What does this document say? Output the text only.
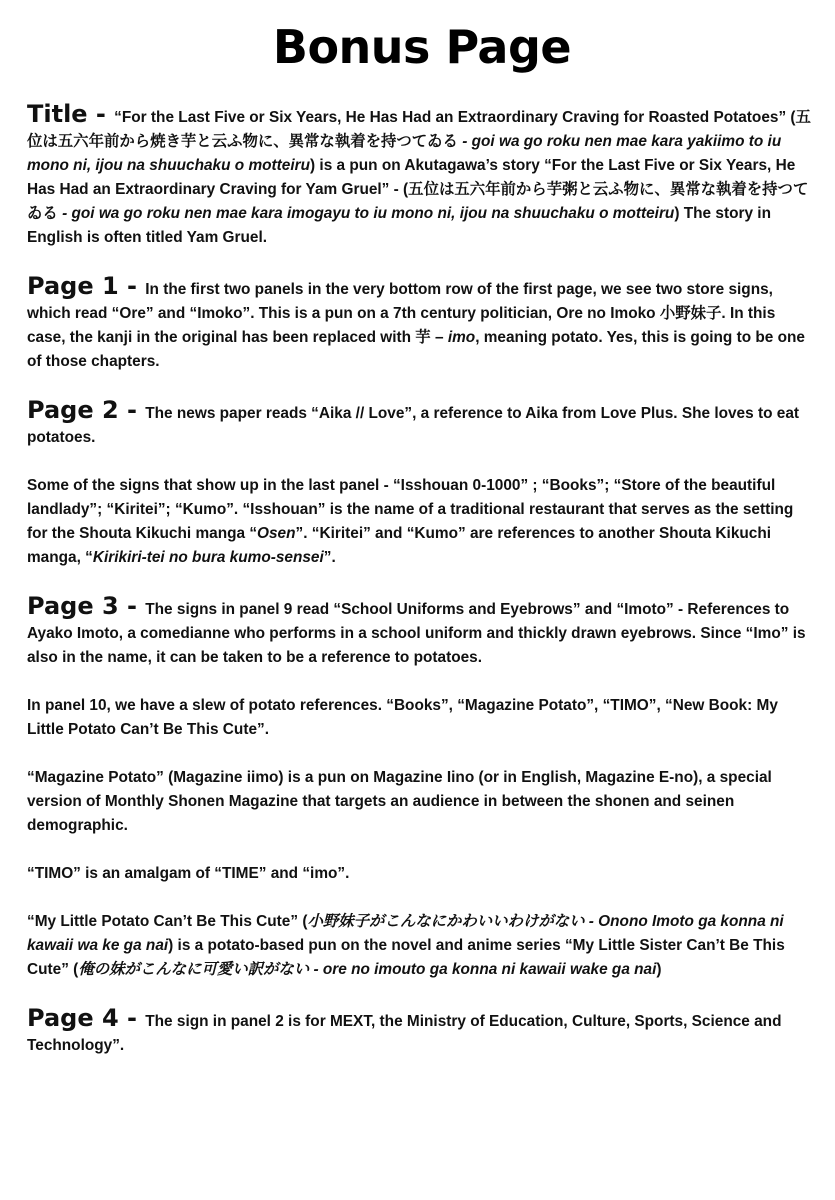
Bonus Page

Title - “For the Last Five or Six Years, He Has Had an Extraordinary Craving for Roasted Potatoes” (五位は五六年前から焼き芋と云ふ物に、異常な執着を持つてゐる - goi wa go roku nen mae kara yakiimo to iu mono ni, ijou na shuuchaku o motteiru) is a pun on Akutagawa’s story “For the Last Five or Six Years, He Has Had an Extraordinary Craving for Yam Gruel” - (五位は五六年前から芋粥と云ふ物に、異常な執着を持つてゐる - goi wa go roku nen mae kara imogayu to iu mono ni, ijou na shuuchaku o motteiru) The story in English is often titled Yam Gruel.

Page 1 - In the first two panels in the very bottom row of the first page, we see two store signs, which read “Ore” and “Imoko”. This is a pun on a 7th century politician, Ore no Imoko 小野妹子. In this case, the kanji in the original has been replaced with 芋 – imo, meaning potato. Yes, this is going to be one of those chapters.

Page 2 - The news paper reads “Aika // Love”, a reference to Aika from Love Plus. She loves to eat potatoes.

Some of the signs that show up in the last panel - “Isshouan 0-1000” ; “Books”; “Store of the beautiful landlady”; “Kiritei”; “Kumo”. “Isshouan” is the name of a traditional restaurant that serves as the setting for the Shouta Kikuchi manga “Osen”. “Kiritei” and “Kumo” are references to another Shouta Kikuchi manga, “Kirikiri-tei no bura kumo-sensei”.

Page 3 - The signs in panel 9 read “School Uniforms and Eyebrows” and “Imoto” - References to Ayako Imoto, a comedianne who performs in a school uniform and thickly drawn eyebrows. Since “Imo” is also in the name, it can be taken to be a reference to potatoes.

In panel 10, we have a slew of potato references. “Books”, “Magazine Potato”, “TIMO”, “New Book: My Little Potato Can’t Be This Cute”.

“Magazine Potato” (Magazine iimo) is a pun on Magazine Iino (or in English, Magazine E-no), a special version of Monthly Shonen Magazine that targets an audience in between the shonen and seinen demographic.

“TIMO” is an amalgam of “TIME” and “imo”.

“My Little Potato Can’t Be This Cute” (小野妹子がこんなにかわいいわけがない - Onono Imoto ga konna ni kawaii wa ke ga nai) is a potato-based pun on the novel and anime series “My Little Sister Can’t Be This Cute” (俺の妹がこんなに可愛い訳がない - ore no imouto ga konna ni kawaii wake ga nai)

Page 4 - The sign in panel 2 is for MEXT, the Ministry of Education, Culture, Sports, Science and Technology”.
